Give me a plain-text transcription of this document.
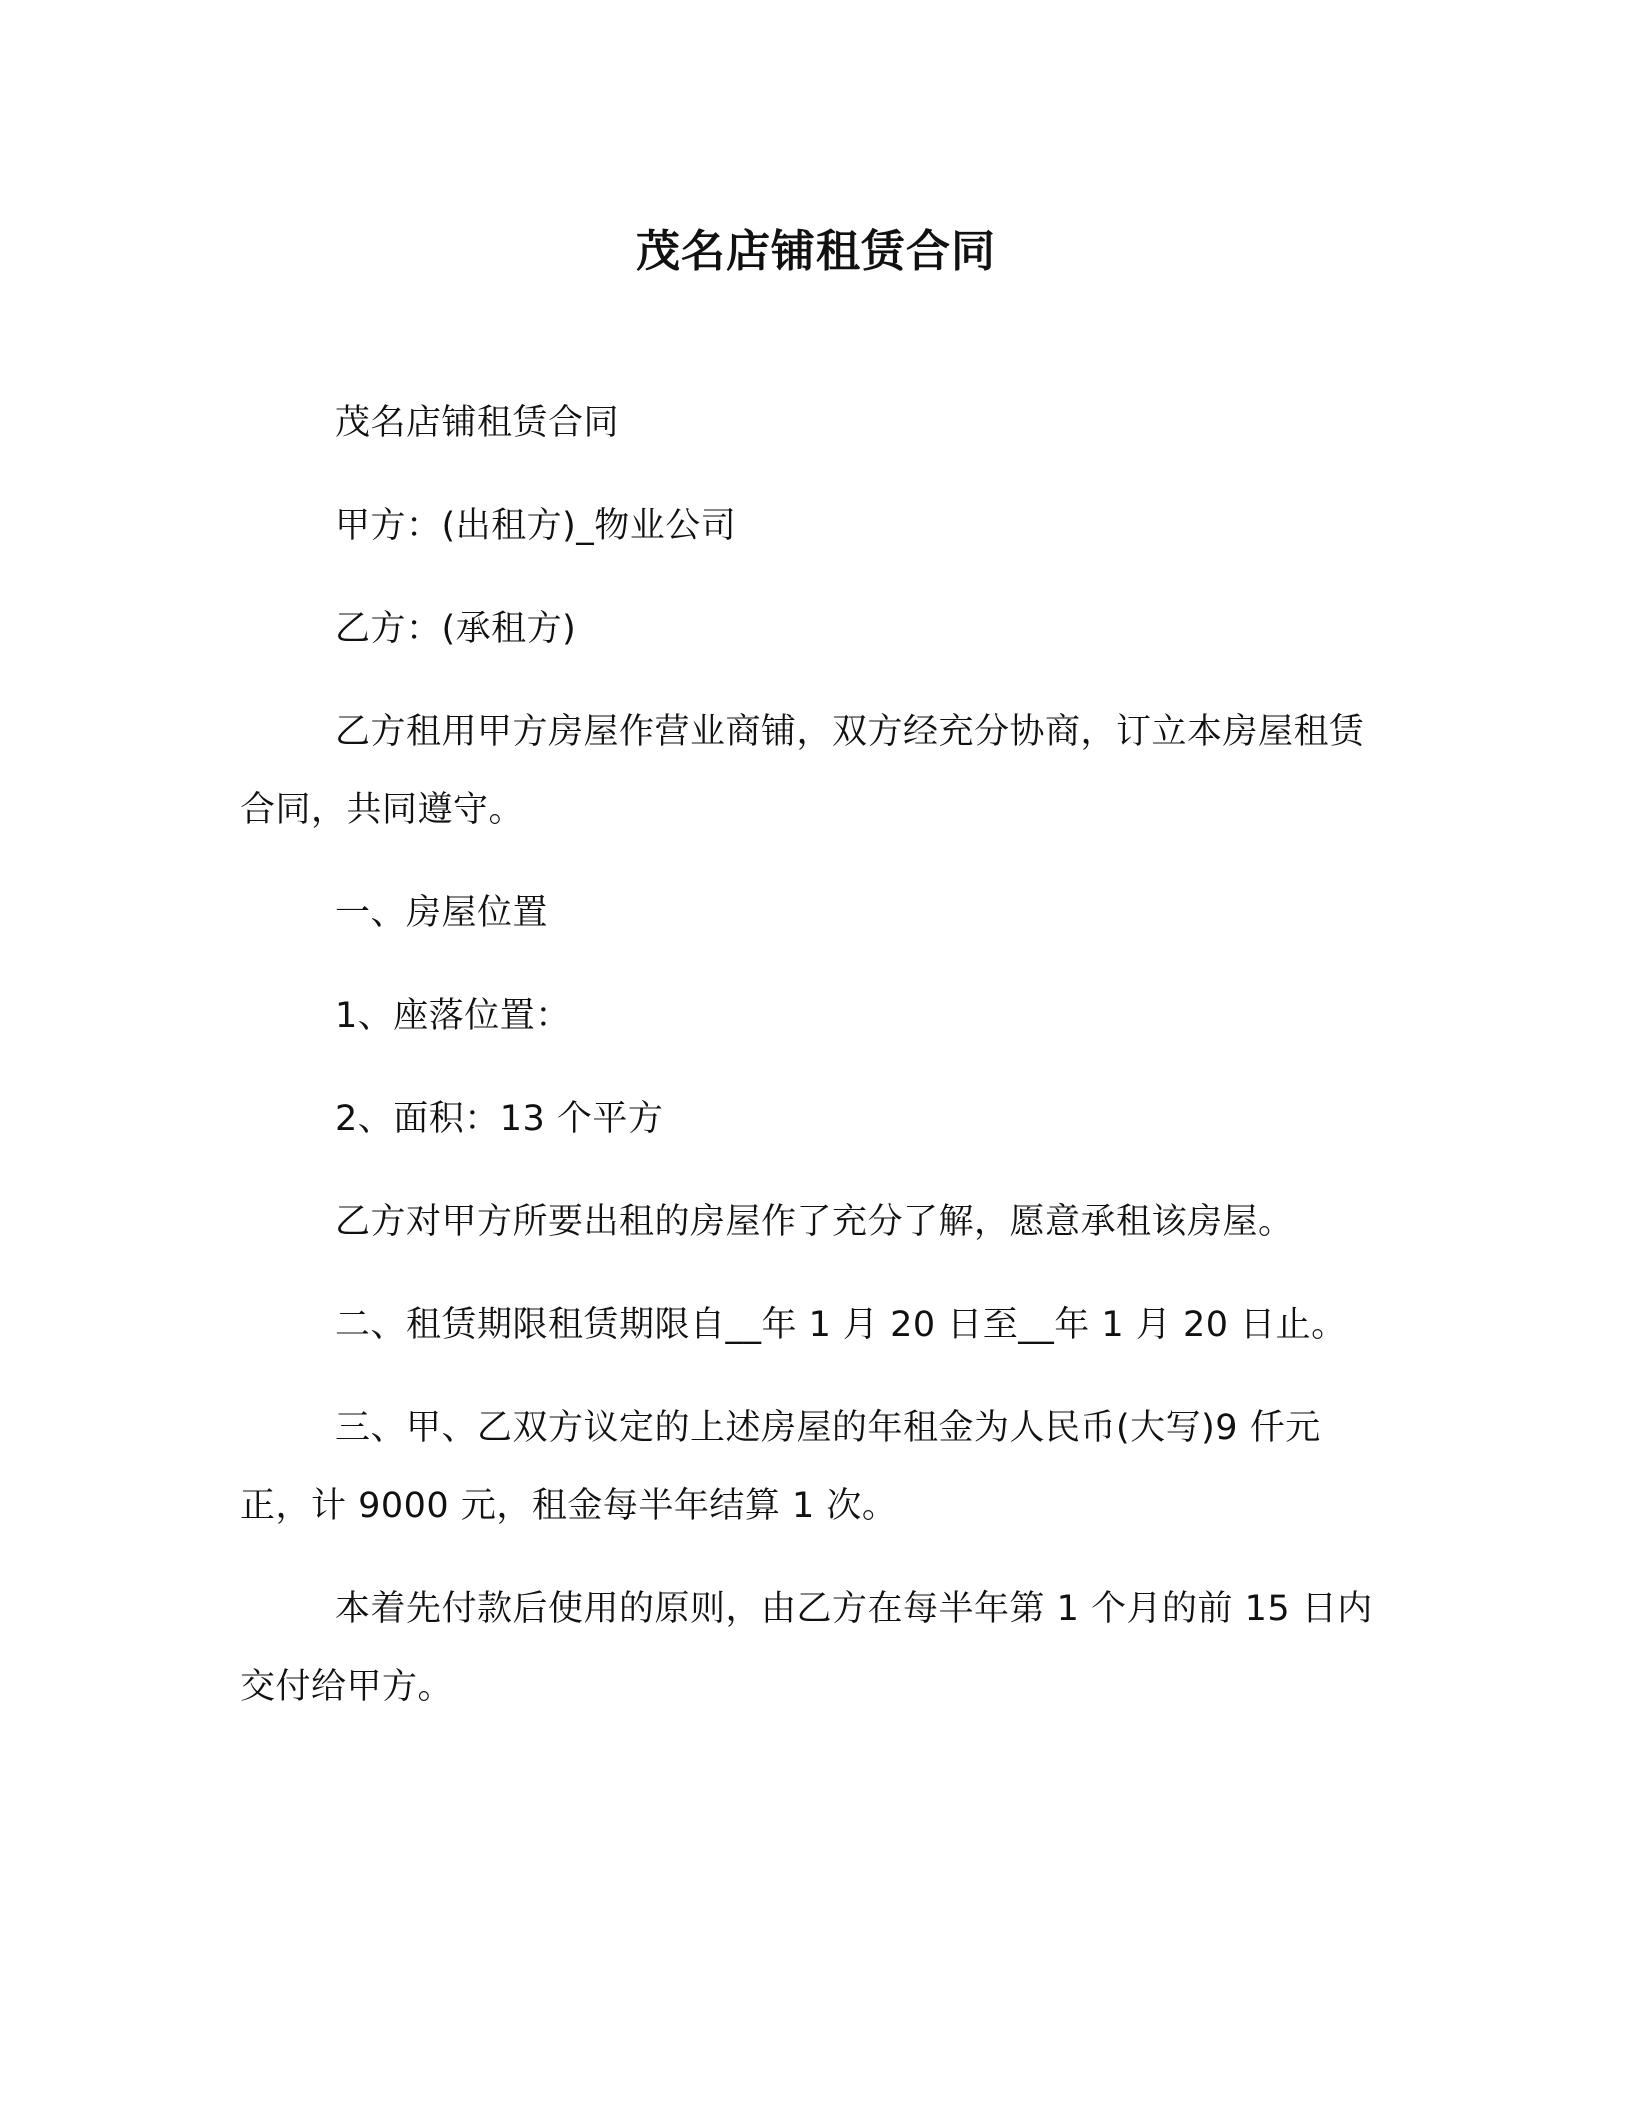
茂名店铺租赁合同

茂名店铺租赁合同

甲方：(出租方)_物业公司

乙方：(承租方)

乙方租用甲方房屋作营业商铺，双方经充分协商，订立本房屋租赁合同，共同遵守。

一、房屋位置

1、座落位置：

2、面积：13 个平方

乙方对甲方所要出租的房屋作了充分了解，愿意承租该房屋。

二、租赁期限租赁期限自__年 1 月 20 日至__年 1 月 20 日止。

三、甲、乙双方议定的上述房屋的年租金为人民币(大写)9 仟元正，计 9000 元，租金每半年结算 1 次。

本着先付款后使用的原则，由乙方在每半年第 1 个月的前 15 日内交付给甲方。
